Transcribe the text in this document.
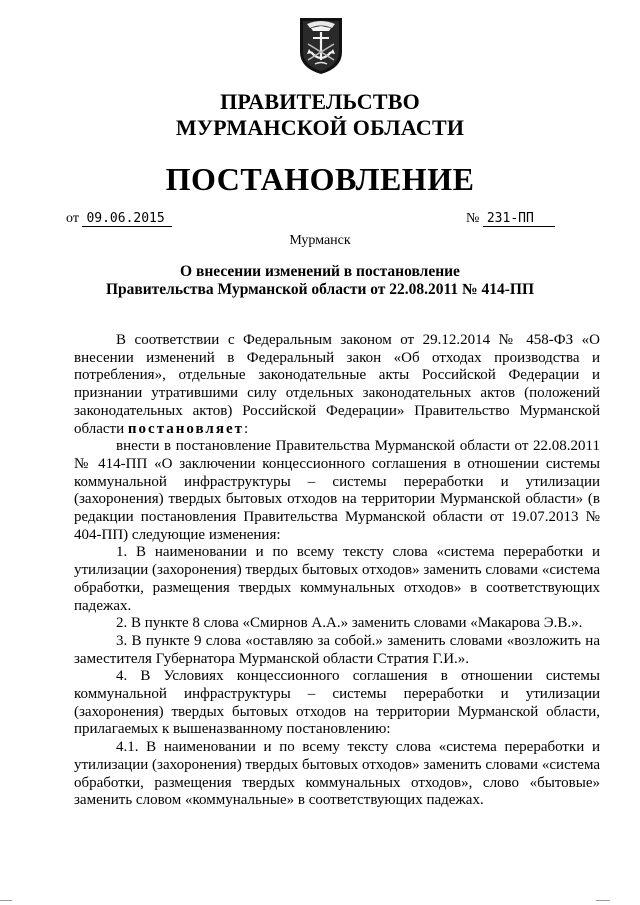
ПРАВИТЕЛЬСТВО
МУРМАНСКОЙ ОБЛАСТИ
ПОСТАНОВЛЕНИЕ
от 09.06.2015	№ 231-ПП
Мурманск
О внесении изменений в постановление
Правительства Мурманской области от 22.08.2011 № 414-ПП

В соответствии с Федеральным законом от 29.12.2014 № 458-ФЗ «О внесении изменений в Федеральный закон «Об отходах производства и потребления», отдельные законодательные акты Российской Федерации и признании утратившими силу отдельных законодательных актов (положений законодательных актов) Российской Федерации» Правительство Мурманской области постановляет:

внести в постановление Правительства Мурманской области от 22.08.2011 № 414-ПП «О заключении концессионного соглашения в отношении системы коммунальной инфраструктуры – системы переработки и утилизации (захоронения) твердых бытовых отходов на территории Мурманской области» (в редакции постановления Правительства Мурманской области от 19.07.2013 № 404-ПП) следующие изменения:

1. В наименовании и по всему тексту слова «система переработки и утилизации (захоронения) твердых бытовых отходов» заменить словами «система обработки, размещения твердых коммунальных отходов» в соответствующих падежах.

2. В пункте 8 слова «Смирнов А.А.» заменить словами «Макарова Э.В.».

3. В пункте 9 слова «оставляю за собой.» заменить словами «возложить на заместителя Губернатора Мурманской области Стратия Г.И.».

4. В Условиях концессионного соглашения в отношении системы коммунальной инфраструктуры – системы переработки и утилизации (захоронения) твердых бытовых отходов на территории Мурманской области, прилагаемых к вышеназванному постановлению:

4.1. В наименовании и по всему тексту слова «система переработки и утилизации (захоронения) твердых бытовых отходов» заменить словами «система обработки, размещения твердых коммунальных отходов», слово «бытовые» заменить словом «коммунальные» в соответствующих падежах.
